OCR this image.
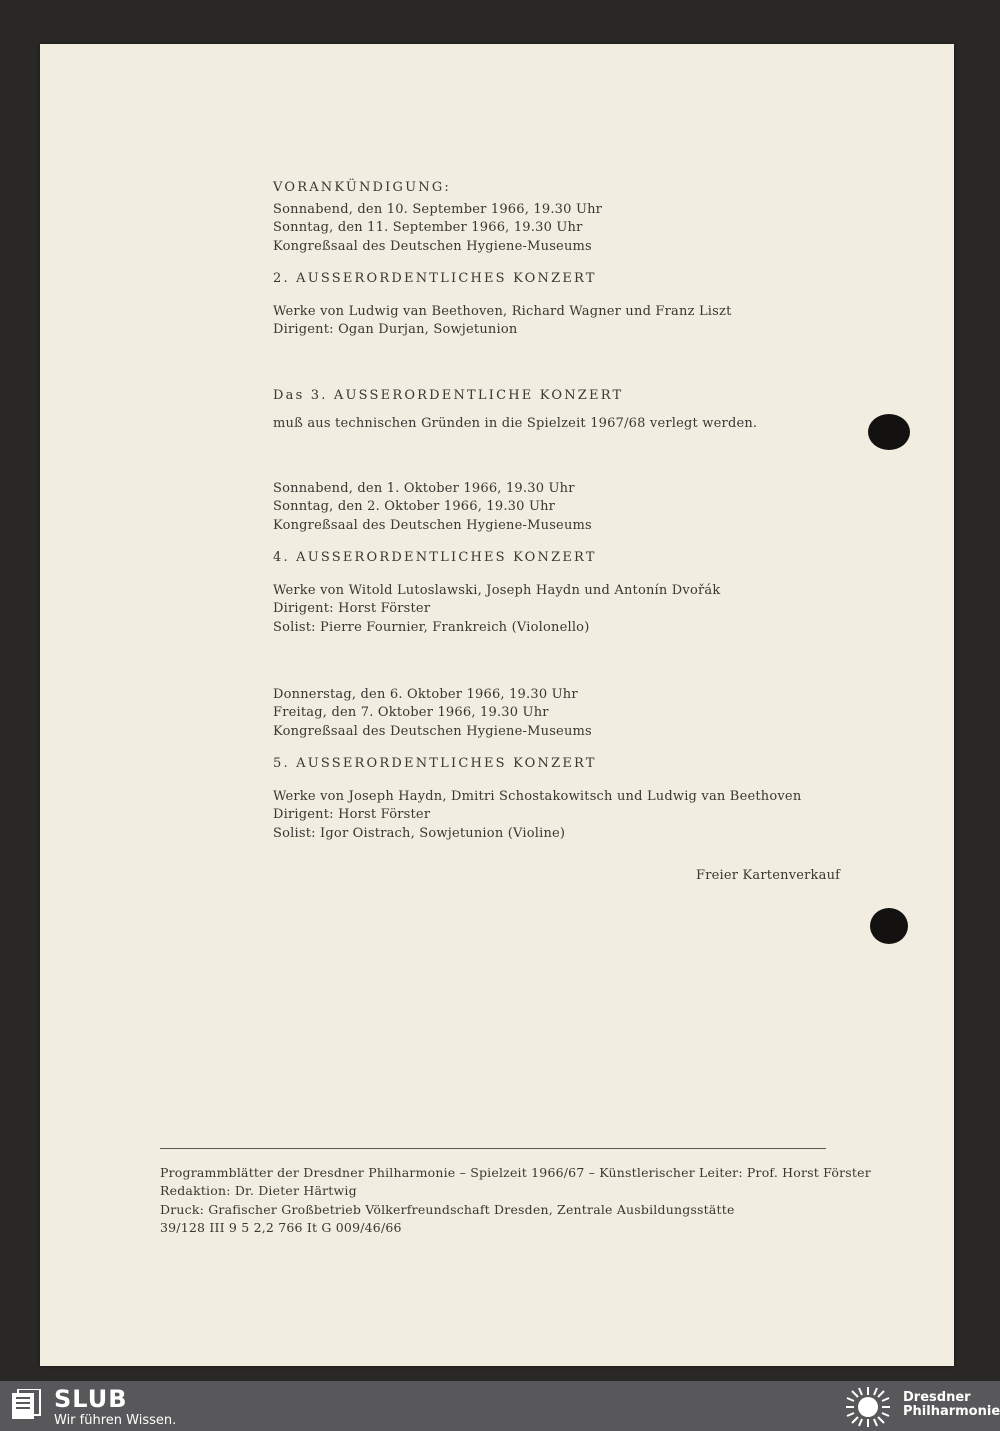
VORANKÜNDIGUNG:
Sonnabend, den 10. September 1966, 19.30 Uhr
Sonntag, den 11. September 1966, 19.30 Uhr
Kongreßsaal des Deutschen Hygiene-Museums
2. AUSSERORDENTLICHES KONZERT
Werke von Ludwig van Beethoven, Richard Wagner und Franz Liszt
Dirigent: Ogan Durjan, Sowjetunion
Das 3. AUSSERORDENTLICHE KONZERT
muß aus technischen Gründen in die Spielzeit 1967/68 verlegt werden.
Sonnabend, den 1. Oktober 1966, 19.30 Uhr
Sonntag, den 2. Oktober 1966, 19.30 Uhr
Kongreßsaal des Deutschen Hygiene-Museums
4. AUSSERORDENTLICHES KONZERT
Werke von Witold Lutoslawski, Joseph Haydn und Antonín Dvořák
Dirigent: Horst Förster
Solist: Pierre Fournier, Frankreich (Violonello)
Donnerstag, den 6. Oktober 1966, 19.30 Uhr
Freitag, den 7. Oktober 1966, 19.30 Uhr
Kongreßsaal des Deutschen Hygiene-Museums
5. AUSSERORDENTLICHES KONZERT
Werke von Joseph Haydn, Dmitri Schostakowitsch und Ludwig van Beethoven
Dirigent: Horst Förster
Solist: Igor Oistrach, Sowjetunion (Violine)
Freier Kartenverkauf
Programmblätter der Dresdner Philharmonie – Spielzeit 1966/67 – Künstlerischer Leiter: Prof. Horst Förster
Redaktion: Dr. Dieter Härtwig
Druck: Grafischer Großbetrieb Völkerfreundschaft Dresden, Zentrale Ausbildungsstätte
39/128 III 9 5 2,2 766 It G 009/46/66
SLUB
Wir führen Wissen.
Dresdner
Philharmonie
